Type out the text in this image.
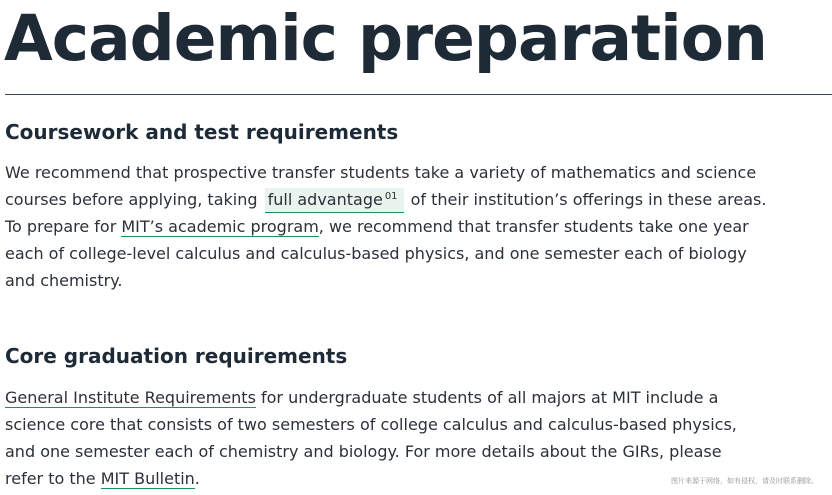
Academic preparation
Coursework and test requirements

We recommend that prospective transfer students take a variety of mathematics and science
courses before applying, taking full advantage $^{01}$ of their institution’s offerings in these areas.
To prepare for MIT’s academic program, we recommend that transfer students take one year
each of college-level calculus and calculus-based physics, and one semester each of biology
and chemistry.

Core graduation requirements

General Institute Requirements for undergraduate students of all majors at MIT include a
science core that consists of two semesters of college calculus and calculus-based physics,
and one semester each of chemistry and biology. For more details about the GIRs, please
refer to the MIT Bulletin.	图片来源于网络，如有侵权，请及时联系删除。
